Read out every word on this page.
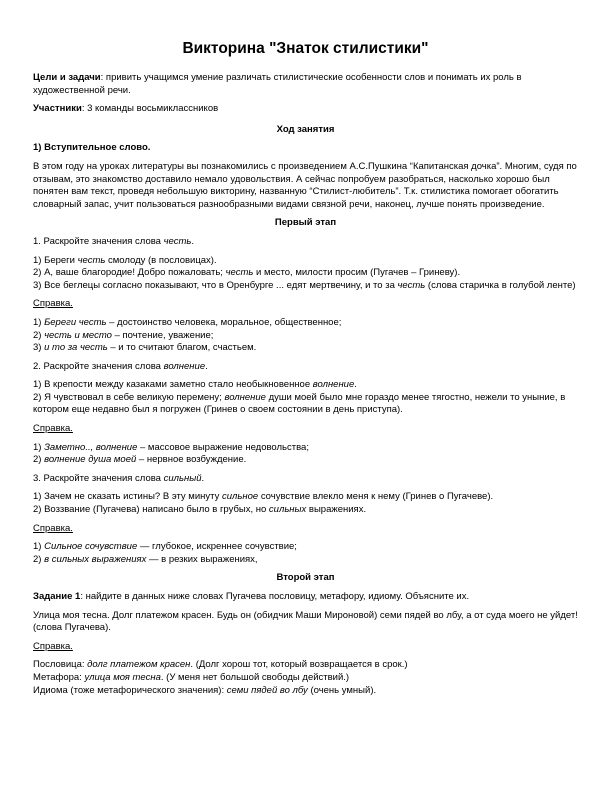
Викторина "Знаток стилистики"

Цели и задачи: привить учащимся умение различать стилистические особенности слов и понимать их роль в художественной речи.

Участники: 3 команды восьмиклассников

Ход занятия

1) Вступительное слово.

В этом году на уроках литературы вы познакомились с произведением А.С.Пушкина “Капитанская дочка”. Многим, судя по отзывам, это знакомство доставило немало удовольствия. А сейчас попробуем разобраться, насколько хорошо был понятен вам текст, проведя небольшую викторину, названную “Стилист-любитель”. Т.к. стилистика помогает обогатить словарный запас, учит пользоваться разнообразными видами связной речи, наконец, лучше понять произведение.

Первый этап

1. Раскройте значения слова честь.

1) Береги честь смолоду (в пословицах).
2) А, ваше благородие! Добро пожаловать; честь и место, милости просим (Пугачев – Гриневу).
3) Все беглецы согласно показывают, что в Оренбурге ... едят мертвечину, и то за честь (слова старичка в голубой ленте)

Справка.

1) Береги честь – достоинство человека, моральное, общественное;
2) честь и место – почтение, уважение;
3) и то за честь – и то считают благом, счастьем.

2. Раскройте значения слова волнение.

1) В крепости между казаками заметно стало необыкновенное волнение.
2) Я чувствовал в себе великую перемену; волнение души моей было мне гораздо менее тягостно, нежели то уныние, в котором еще недавно был я погружен (Гринев о своем состоянии в день приступа).

Справка.

1) Заметно.., волнение – массовое выражение недовольства;
2) волнение душа моей – нервное возбуждение.

3. Раскройте значения слова сильный.

1) Зачем не сказать истины? В эту минуту сильное сочувствие влекло меня к нему (Гринев о Пугачеве).
2) Воззвание (Пугачева) написано было в грубых, но сильных выражениях.

Справка.

1) Сильное сочувствие — глубокое, искреннее сочувствие;
2) в сильных выражениях — в резких выражениях,

Второй этап

Задание 1: найдите в данных ниже словах Пугачева пословицу, метафору, идиому. Объясните их.

Улица моя тесна. Долг платежом красен. Будь он (обидчик Маши Мироновой) семи пядей во лбу, а от суда моего не уйдет! (слова Пугачева).

Справка.

Пословица: долг платежом красен. (Долг хорош тот, который возвращается в срок.)
Метафора: улица моя тесна. (У меня нет большой свободы действий.)
Идиома (тоже метафорического значения): семи пядей во лбу (очень умный).
